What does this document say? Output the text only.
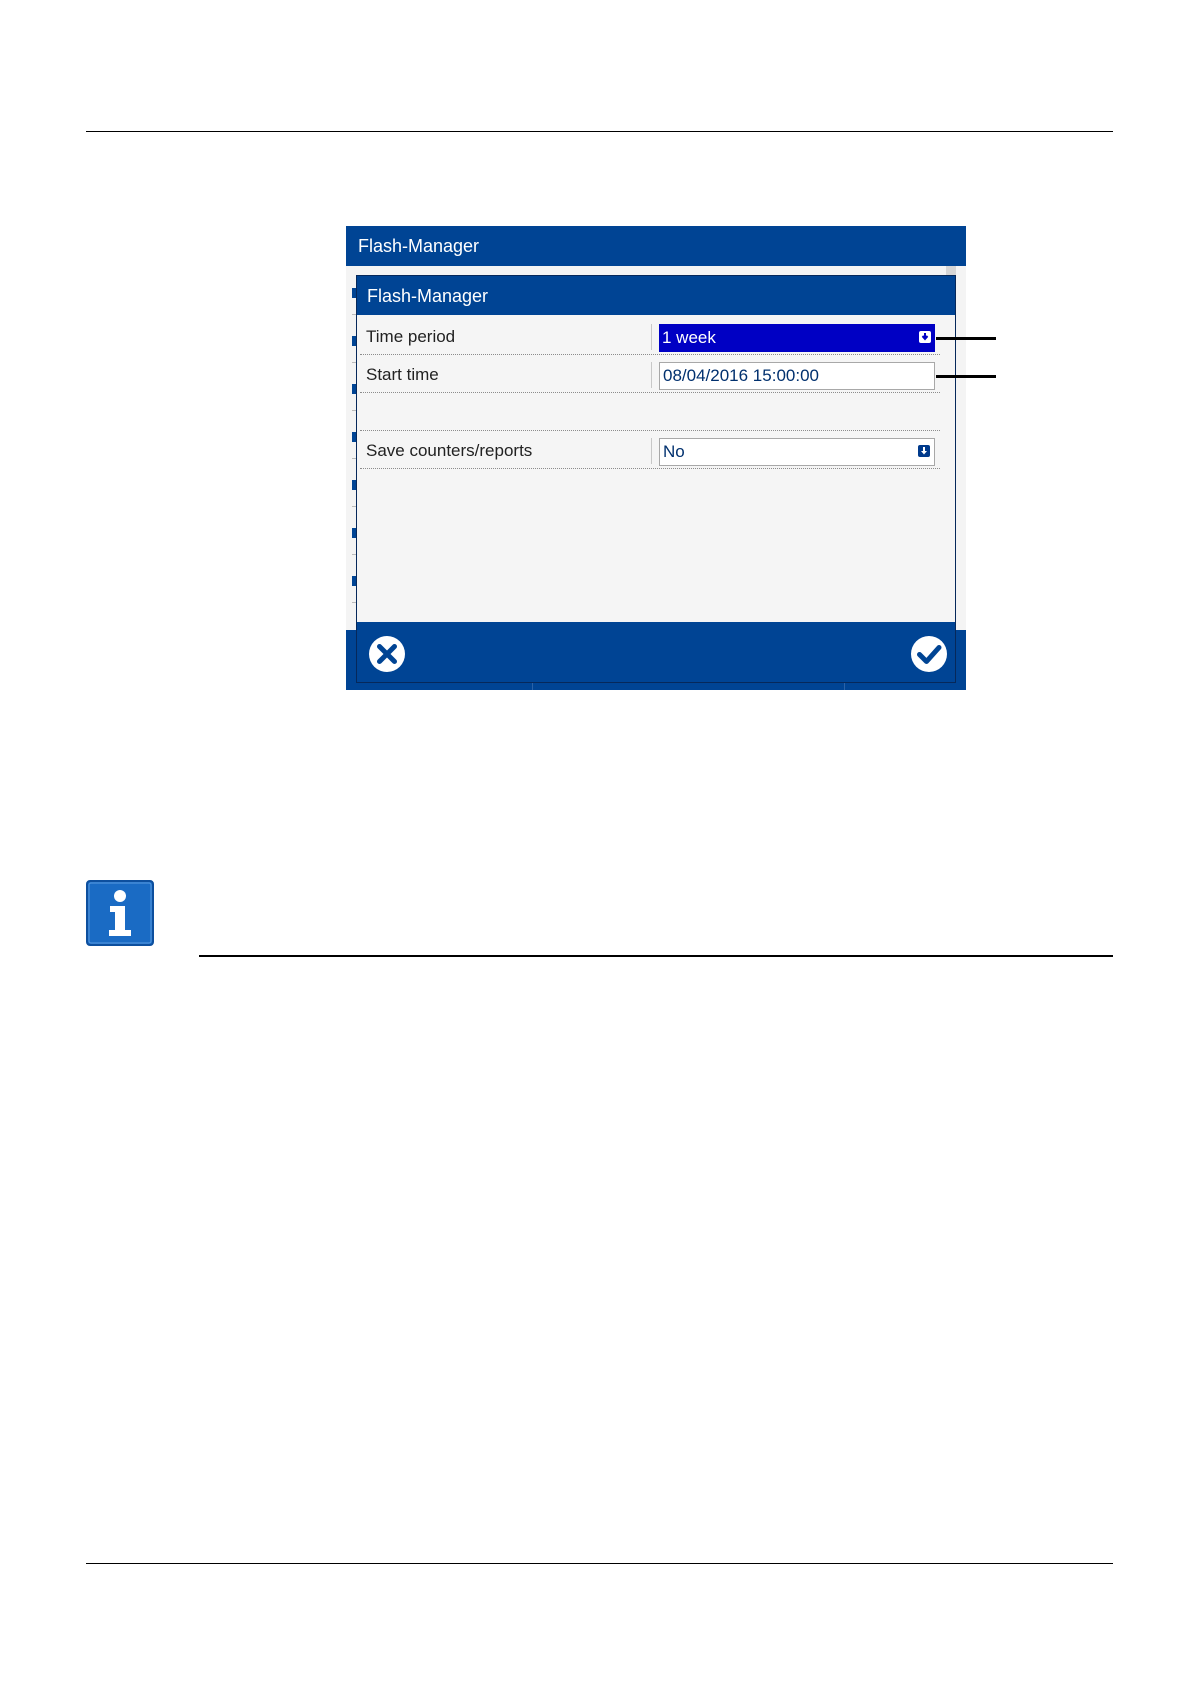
Flash-Manager
Flash-Manager
Time period	1 week
Start time	08/04/2016 15:00:00
Save counters/reports	No
